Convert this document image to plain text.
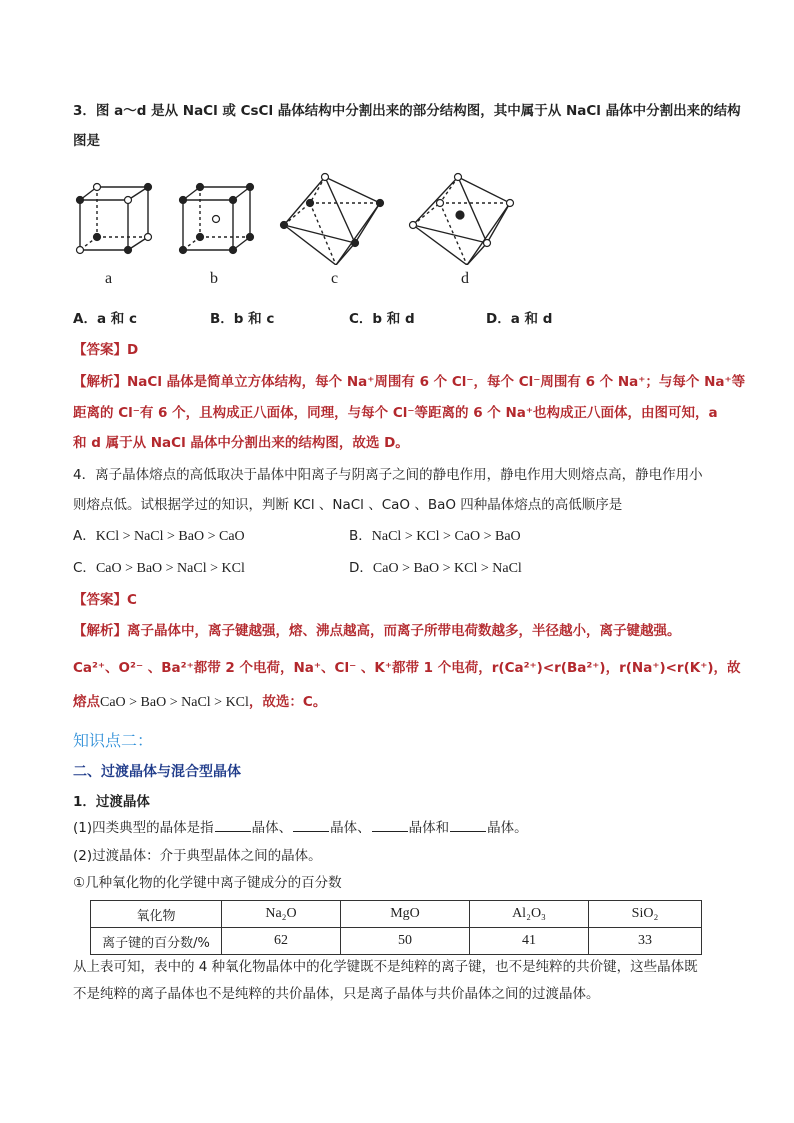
3．图 a～d 是从 NaCl 或 CsCl 晶体结构中分割出来的部分结构图，其中属于从 NaCl 晶体中分割出来的结构
图是
a	b	c	d
A．a 和 c	B．b 和 c	C．b 和 d	D．a 和 d
【答案】D
【解析】NaCl 晶体是简单立方体结构，每个 Na⁺周围有 6 个 Cl⁻，每个 Cl⁻周围有 6 个 Na⁺；与每个 Na⁺等
距离的 Cl⁻有 6 个，且构成正八面体，同理，与每个 Cl⁻等距离的 6 个 Na⁺也构成正八面体，由图可知，a
和 d 属于从 NaCl 晶体中分割出来的结构图，故选 D。
4．离子晶体熔点的高低取决于晶体中阳离子与阴离子之间的静电作用，静电作用大则熔点高，静电作用小
则熔点低。试根据学过的知识，判断 KCl 、NaCl 、CaO 、BaO 四种晶体熔点的高低顺序是
A．KCl > NaCl > BaO > CaO	B．NaCl > KCl > CaO > BaO
C．CaO > BaO > NaCl > KCl	D．CaO > BaO > KCl > NaCl
【答案】C
【解析】离子晶体中，离子键越强，熔、沸点越高，而离子所带电荷数越多，半径越小，离子键越强。
Ca²⁺、O²⁻ 、Ba²⁺都带 2 个电荷，Na⁺、Cl⁻ 、K⁺都带 1 个电荷，r(Ca²⁺)<r(Ba²⁺)，r(Na⁺)<r(K⁺)，故
熔点CaO > BaO > NaCl > KCl，故选：C。
知识点二：
二、过渡晶体与混合型晶体
1．过渡晶体
(1)四类典型的晶体是指	晶体、	晶体、	晶体和	晶体。
(2)过渡晶体：介于典型晶体之间的晶体。
①几种氧化物的化学键中离子键成分的百分数
氧化物	Na₂O	MgO	Al₂O₃	SiO₂
离子键的百分数/%	62	50	41	33
从上表可知，表中的 4 种氧化物晶体中的化学键既不是纯粹的离子键，也不是纯粹的共价键，这些晶体既
不是纯粹的离子晶体也不是纯粹的共价晶体，只是离子晶体与共价晶体之间的过渡晶体。
